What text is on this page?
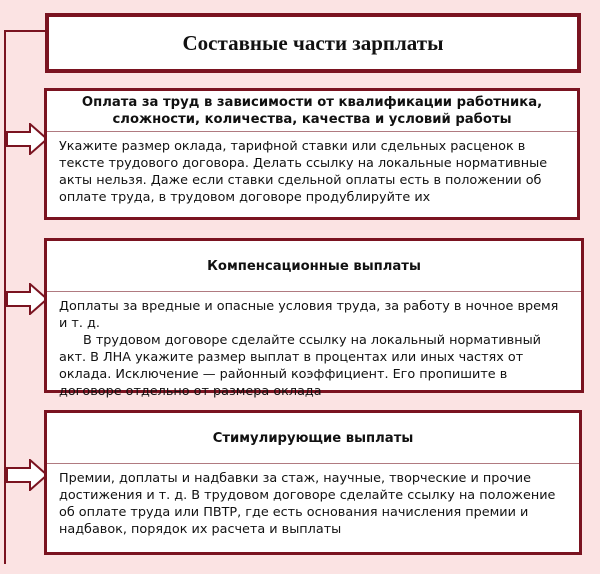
Составные части зарплаты
Оплата за труд в зависимости от квалификации работника, сложности, количества, качества и условий работы

Укажите размер оклада, тарифной ставки или сдельных расценок в тексте трудового договора. Делать ссылку на локальные нормативные акты нельзя. Даже если ставки сдельной оплаты есть в положении об оплате труда, в трудовом договоре продублируйте их

Компенсационные выплаты

Доплаты за вредные и опасные условия труда, за работу в ночное время и т. д.

В трудовом договоре сделайте ссылку на локальный нормативный акт. В ЛНА укажите размер выплат в процентах или иных частях от оклада. Исключение — районный коэффициент. Его пропишите в договоре отдельно от размера оклада

Стимулирующие выплаты

Премии, доплаты и надбавки за стаж, научные, творческие и прочие достижения и т. д. В трудовом договоре сделайте ссылку на положение об оплате труда или ПВТР, где есть основания начисления премии и надбавок, порядок их расчета и выплаты
